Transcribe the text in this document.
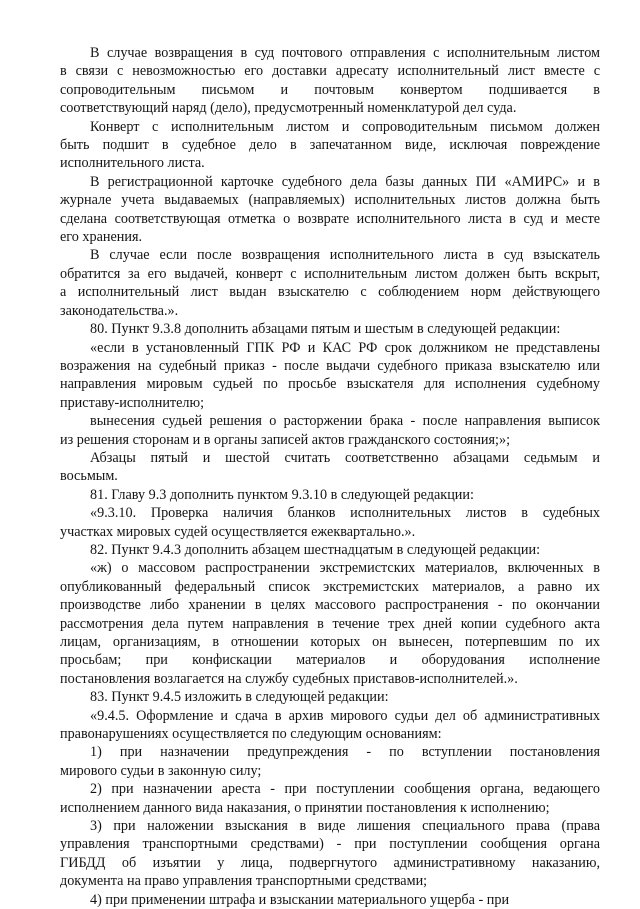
В случае возвращения в суд почтового отправления с исполнительным листом
в связи с невозможностью его доставки адресату исполнительный лист вместе с
сопроводительным письмом и почтовым конвертом подшивается в
соответствующий наряд (дело), предусмотренный номенклатурой дел суда.

Конверт с исполнительным листом и сопроводительным письмом должен
быть подшит в судебное дело в запечатанном виде, исключая повреждение
исполнительного листа.

В регистрационной карточке судебного дела базы данных ПИ «АМИРС» и в
журнале учета выдаваемых (направляемых) исполнительных листов должна быть
сделана соответствующая отметка о возврате исполнительного листа в суд и месте
его хранения.

В случае если после возвращения исполнительного листа в суд взыскатель
обратится за его выдачей, конверт с исполнительным листом должен быть вскрыт,
а исполнительный лист выдан взыскателю с соблюдением норм действующего
законодательства.».

80. Пункт 9.3.8 дополнить абзацами пятым и шестым в следующей редакции:

«если в установленный ГПК РФ и КАС РФ срок должником не представлены
возражения на судебный приказ - после выдачи судебного приказа взыскателю или
направления мировым судьей по просьбе взыскателя для исполнения судебному
приставу-исполнителю;

вынесения судьей решения о расторжении брака - после направления выписок
из решения сторонам и в органы записей актов гражданского состояния;»;

Абзацы пятый и шестой считать соответственно абзацами седьмым и
восьмым.

81. Главу 9.3 дополнить пунктом 9.3.10 в следующей редакции:

«9.3.10. Проверка наличия бланков исполнительных листов в судебных
участках мировых судей осуществляется ежеквартально.».

82. Пункт 9.4.3 дополнить абзацем шестнадцатым в следующей редакции:

«ж) о массовом распространении экстремистских материалов, включенных в
опубликованный федеральный список экстремистских материалов, а равно их
производстве либо хранении в целях массового распространения - по окончании
рассмотрения дела путем направления в течение трех дней копии судебного акта
лицам, организациям, в отношении которых он вынесен, потерпевшим по их
просьбам; при конфискации материалов и оборудования исполнение
постановления возлагается на службу судебных приставов-исполнителей.».

83. Пункт 9.4.5 изложить в следующей редакции:

«9.4.5. Оформление и сдача в архив мирового судьи дел об административных
правонарушениях осуществляется по следующим основаниям:

1) при назначении предупреждения - по вступлении постановления
мирового судьи в законную силу;

2) при назначении ареста - при поступлении сообщения органа, ведающего
исполнением данного вида наказания, о принятии постановления к исполнению;

3) при наложении взыскания в виде лишения специального права (права
управления транспортными средствами) - при поступлении сообщения органа
ГИБДД об изъятии у лица, подвергнутого административному наказанию,
документа на право управления транспортными средствами;

4) при применении штрафа и взыскании материального ущерба - при
